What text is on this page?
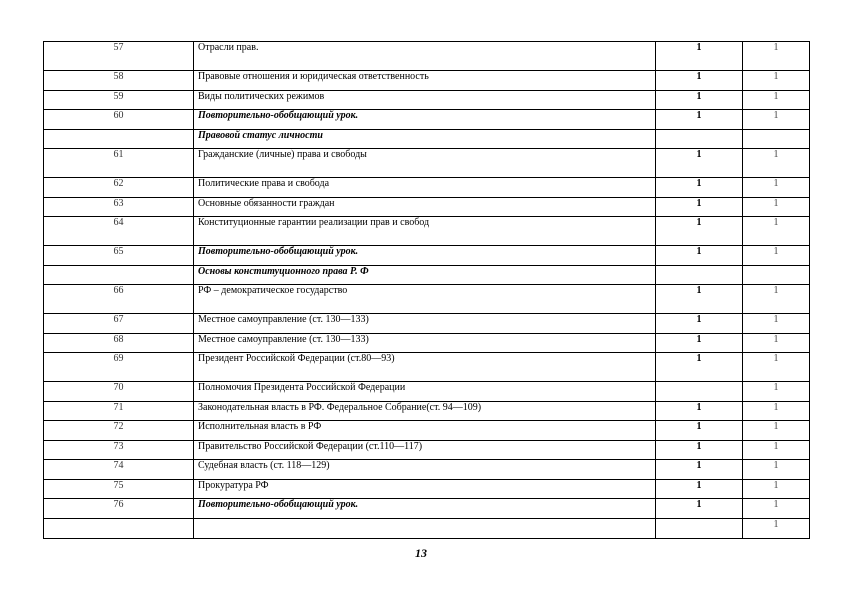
57	Отрасли прав.	1	1
58	Правовые отношения и юридическая ответственность	1	1
59	Виды политических режимов	1	1
60	Повторительно-обобщающий урок.	1	1
	Правовой статус личности		
61	Гражданские (личные) права и свободы	1	1
62	Политические права и свобода	1	1
63	Основные обязанности граждан	1	1
64	Конституционные гарантии реализации прав и свобод	1	1
65	Повторительно-обобщающий урок.	1	1
	Основы конституционного права Р. Ф		
66	РФ – демократическое государство	1	1
67	Местное самоуправление (ст. 130—133)	1	1
68	Местное самоуправление (ст. 130—133)	1	1
69	Президент Российской Федерации (ст.80—93)	1	1
70	Полномочия Президента Российской Федерации		1
71	Законодательная власть в РФ. Федеральное Собрание(ст. 94—109)	1	1
72	Исполнительная власть в РФ	1	1
73	Правительство Российской Федерации (ст.110—117)	1	1
74	Судебная власть (ст. 118—129)	1	1
75	Прокуратура РФ	1	1
76	Повторительно-обобщающий урок.	1	1
			1
13
